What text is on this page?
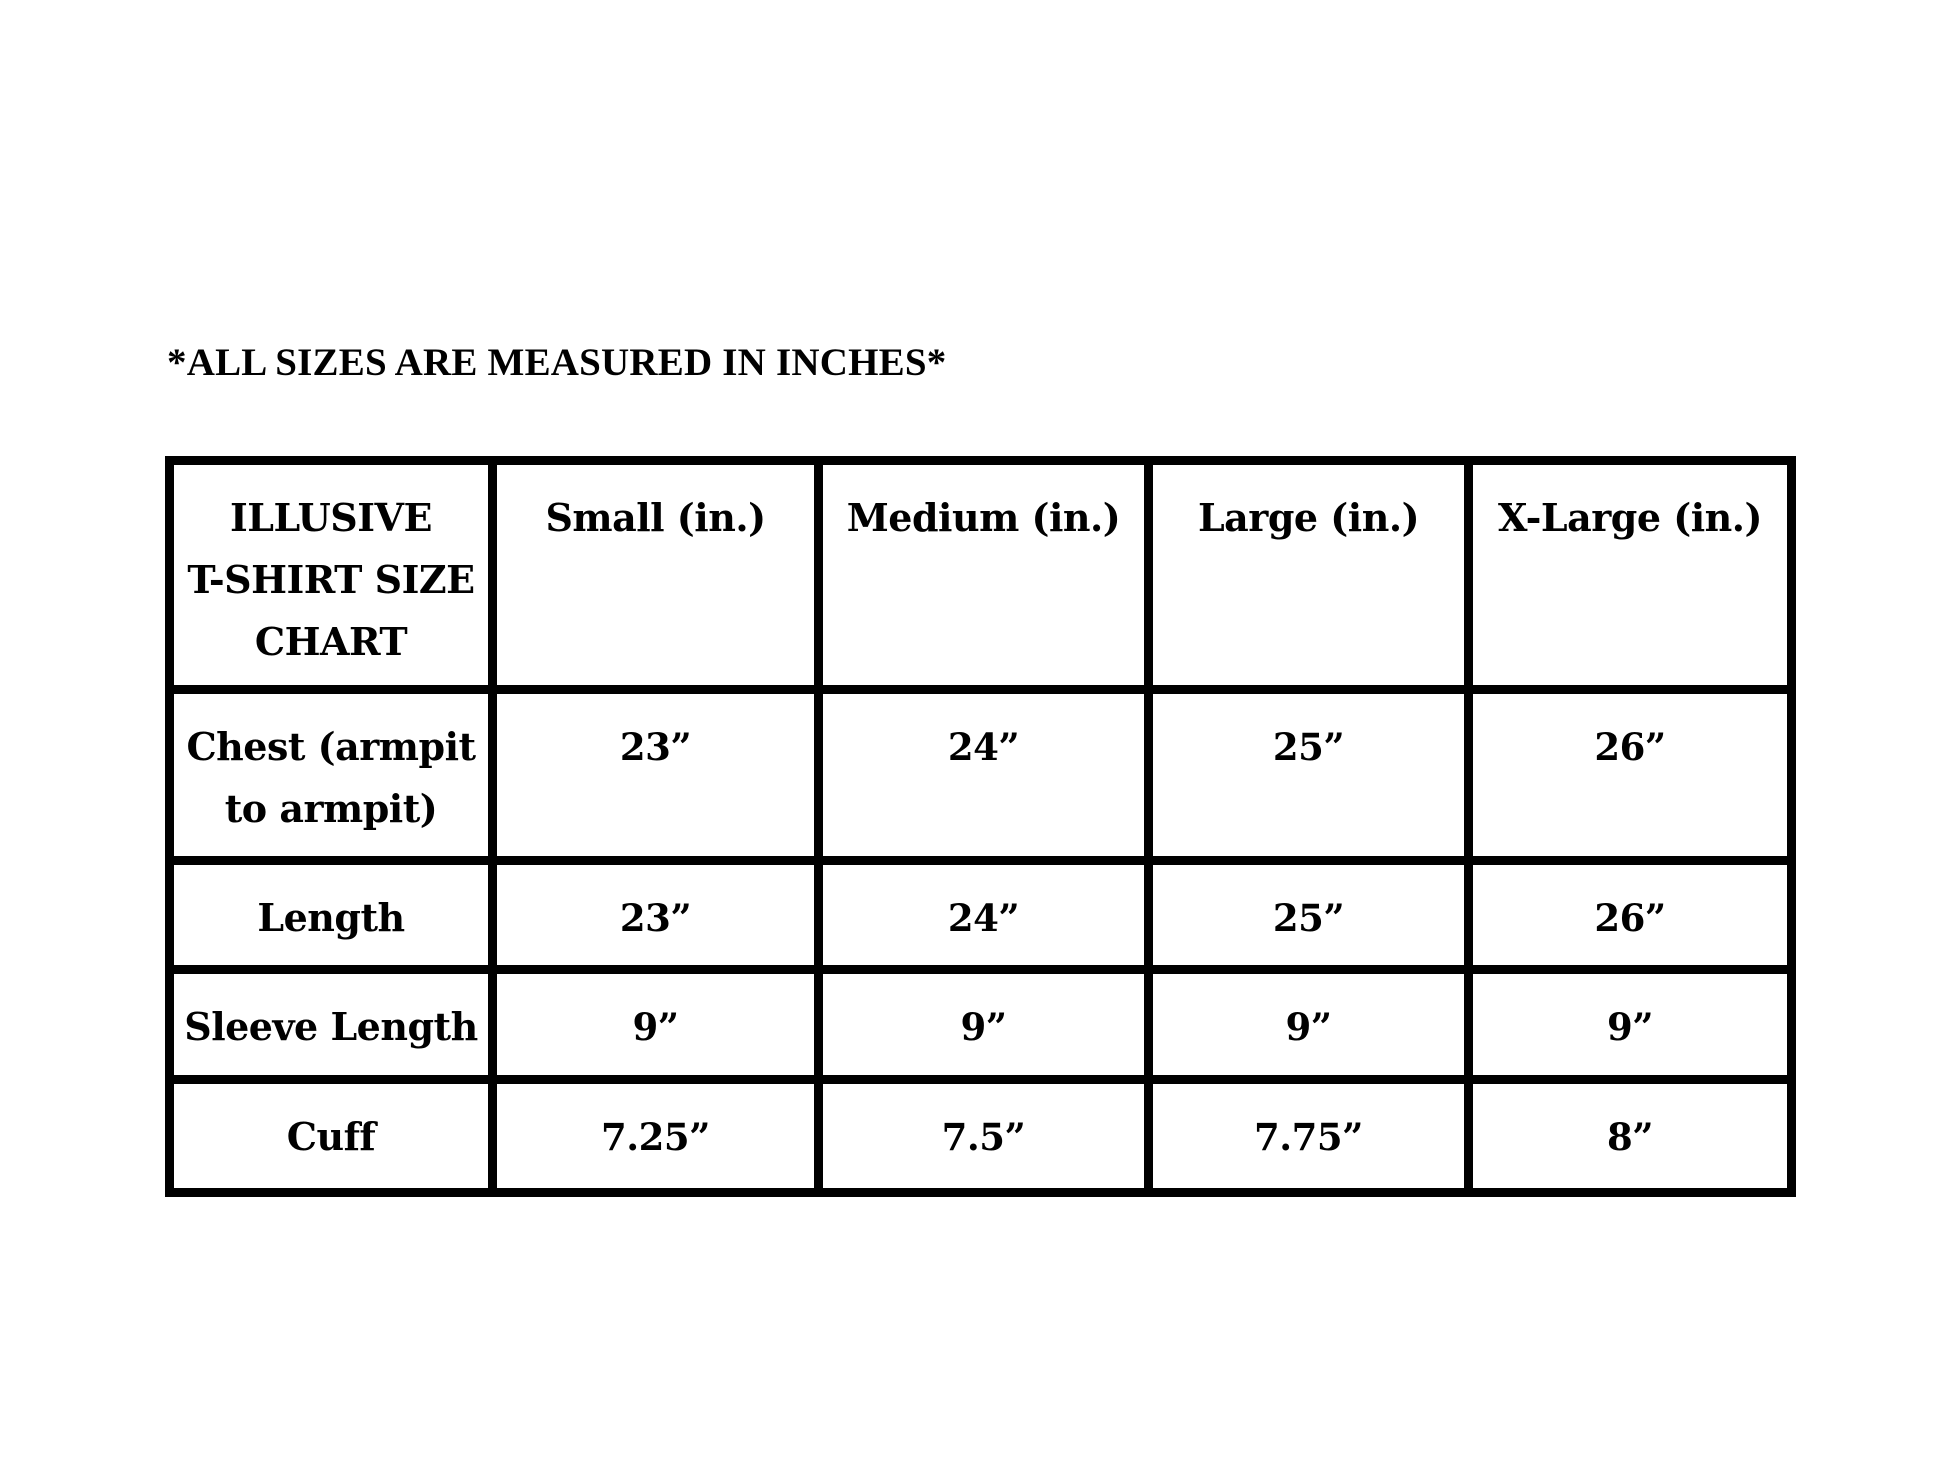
*ALL SIZES ARE MEASURED IN INCHES*
ILLUSIVE
T-SHIRT SIZE
CHART	Small (in.)	Medium (in.)	Large (in.)	X-Large (in.)
Chest (armpit
to armpit)	23”	24”	25”	26”
Length	23”	24”	25”	26”
Sleeve Length	9”	9”	9”	9”
Cuff	7.25”	7.5”	7.75”	8”
